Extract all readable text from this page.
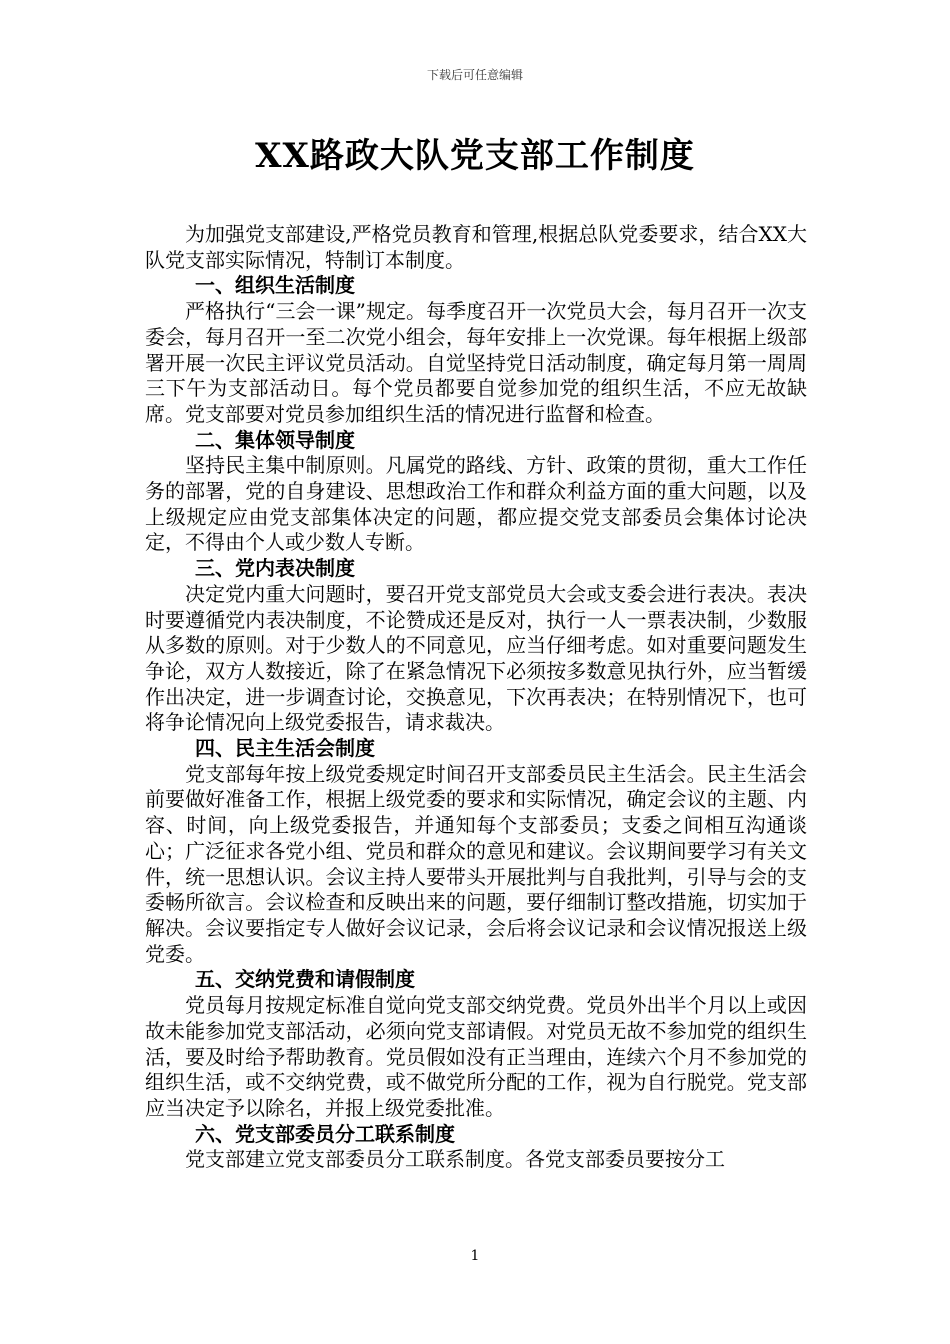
下载后可任意编辑
XX路政大队党支部工作制度

为加强党支部建设,严格党员教育和管理,根据总队党委要求，结合XX大队党支部实际情况，特制订本制度。

一、组织生活制度

严格执行“三会一课”规定。每季度召开一次党员大会，每月召开一次支委会，每月召开一至二次党小组会，每年安排上一次党课。每年根据上级部署开展一次民主评议党员活动。自觉坚持党日活动制度，确定每月第一周周三下午为支部活动日。每个党员都要自觉参加党的组织生活，不应无故缺席。党支部要对党员参加组织生活的情况进行监督和检查。

二、集体领导制度

坚持民主集中制原则。凡属党的路线、方针、政策的贯彻，重大工作任务的部署，党的自身建设、思想政治工作和群众利益方面的重大问题，以及上级规定应由党支部集体决定的问题，都应提交党支部委员会集体讨论决定，不得由个人或少数人专断。

三、党内表决制度

决定党内重大问题时，要召开党支部党员大会或支委会进行表决。表决时要遵循党内表决制度，不论赞成还是反对，执行一人一票表决制，少数服从多数的原则。对于少数人的不同意见，应当仔细考虑。如对重要问题发生争论，双方人数接近，除了在紧急情况下必须按多数意见执行外，应当暂缓作出决定，进一步调查讨论，交换意见，下次再表决；在特别情况下，也可将争论情况向上级党委报告，请求裁决。

四、民主生活会制度

党支部每年按上级党委规定时间召开支部委员民主生活会。民主生活会前要做好准备工作，根据上级党委的要求和实际情况，确定会议的主题、内容、时间，向上级党委报告，并通知每个支部委员；支委之间相互沟通谈心；广泛征求各党小组、党员和群众的意见和建议。会议期间要学习有关文件，统一思想认识。会议主持人要带头开展批判与自我批判，引导与会的支委畅所欲言。会议检查和反映出来的问题，要仔细制订整改措施，切实加于解决。会议要指定专人做好会议记录，会后将会议记录和会议情况报送上级党委。

五、交纳党费和请假制度

党员每月按规定标准自觉向党支部交纳党费。党员外出半个月以上或因故未能参加党支部活动，必须向党支部请假。对党员无故不参加党的组织生活，要及时给予帮助教育。党员假如没有正当理由，连续六个月不参加党的组织生活，或不交纳党费，或不做党所分配的工作，视为自行脱党。党支部应当决定予以除名，并报上级党委批准。

六、党支部委员分工联系制度

党支部建立党支部委员分工联系制度。各党支部委员要按分工

1
